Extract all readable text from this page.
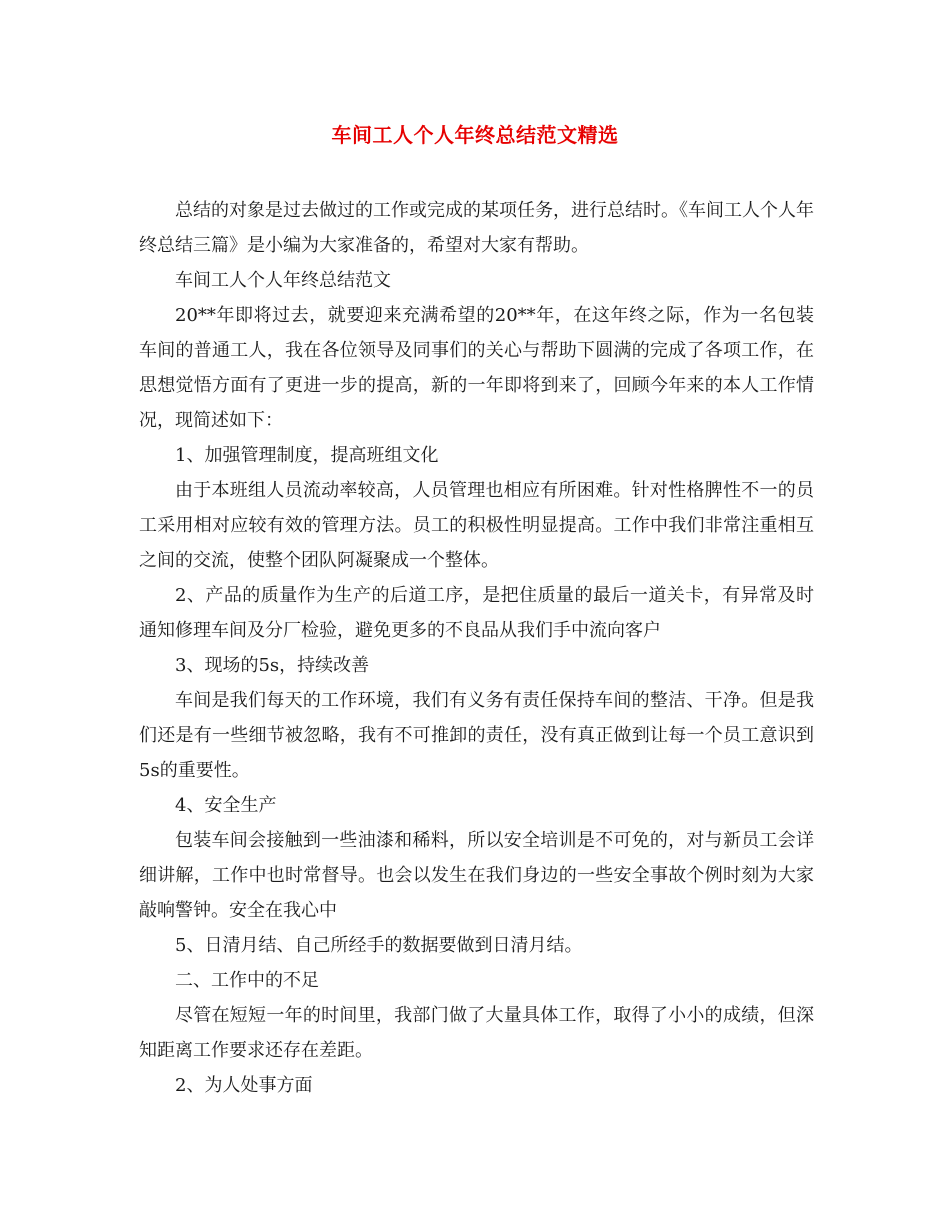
车间工人个人年终总结范文精选

总结的对象是过去做过的工作或完成的某项任务，进行总结时。《车间工人个人年终总结三篇》是小编为大家准备的，希望对大家有帮助。

车间工人个人年终总结范文

20**年即将过去，就要迎来充满希望的20**年，在这年终之际，作为一名包装车间的普通工人，我在各位领导及同事们的关心与帮助下圆满的完成了各项工作，在思想觉悟方面有了更进一步的提高，新的一年即将到来了，回顾今年来的本人工作情况，现简述如下：

1、加强管理制度，提高班组文化

由于本班组人员流动率较高，人员管理也相应有所困难。针对性格脾性不一的员工采用相对应较有效的管理方法。员工的积极性明显提高。工作中我们非常注重相互之间的交流，使整个团队阿凝聚成一个整体。

2、产品的质量作为生产的后道工序，是把住质量的最后一道关卡，有异常及时通知修理车间及分厂检验，避免更多的不良品从我们手中流向客户

3、现场的5s，持续改善

车间是我们每天的工作环境，我们有义务有责任保持车间的整洁、干净。但是我们还是有一些细节被忽略，我有不可推卸的责任，没有真正做到让每一个员工意识到5s的重要性。

4、安全生产

包装车间会接触到一些油漆和稀料，所以安全培训是不可免的，对与新员工会详细讲解，工作中也时常督导。也会以发生在我们身边的一些安全事故个例时刻为大家敲响警钟。安全在我心中

5、日清月结、自己所经手的数据要做到日清月结。

二、工作中的不足

尽管在短短一年的时间里，我部门做了大量具体工作，取得了小小的成绩，但深知距离工作要求还存在差距。

2、为人处事方面
